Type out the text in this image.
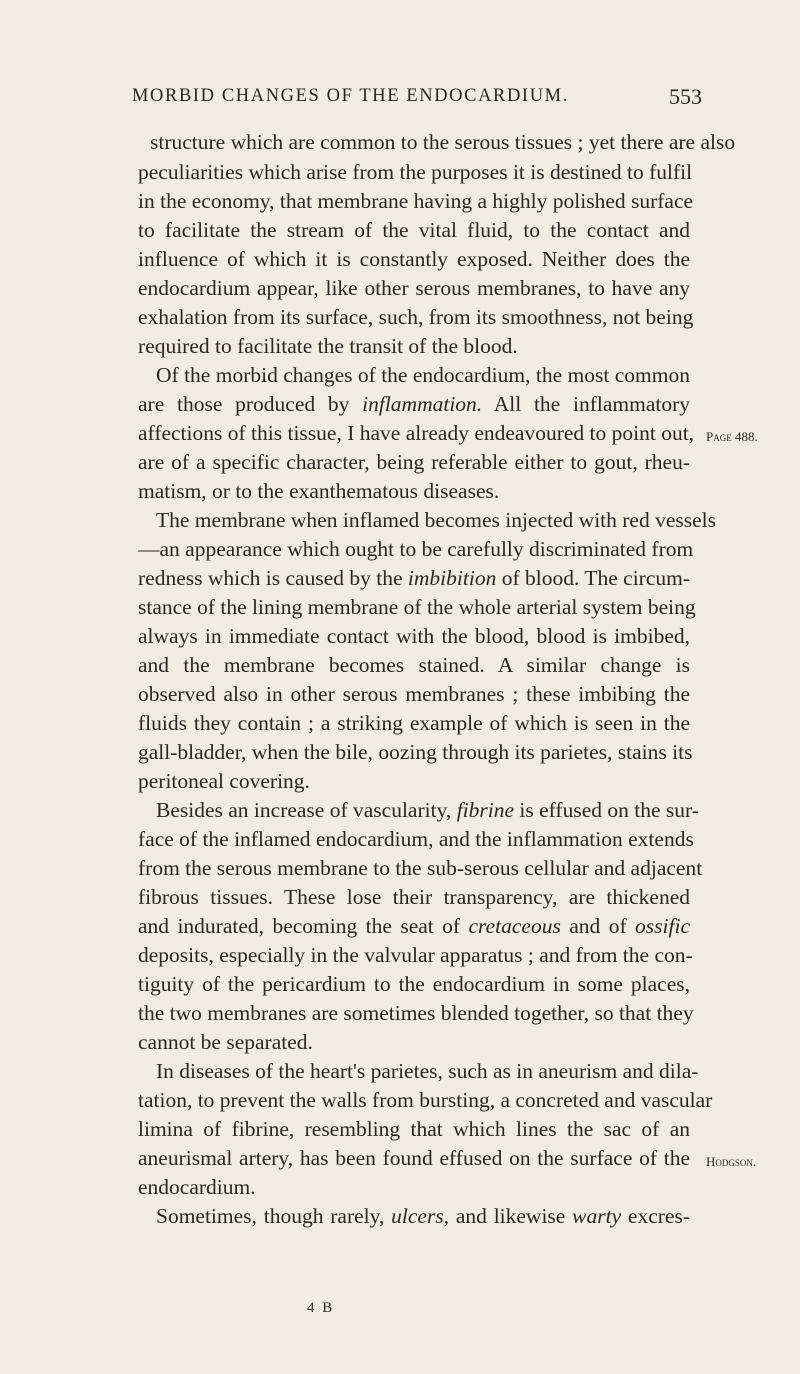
MORBID CHANGES OF THE ENDOCARDIUM.	553
structure which are common to the serous tissues ; yet there are also
peculiarities which arise from the purposes it is destined to fulfil
in the economy, that membrane having a highly polished surface
to facilitate the stream of the vital fluid, to the contact and
influence of which it is constantly exposed. Neither does the
endocardium appear, like other serous membranes, to have any
exhalation from its surface, such, from its smoothness, not being
required to facilitate the transit of the blood.
Of the morbid changes of the endocardium, the most common
are those produced by inflammation. All the inflammatory
affections of this tissue, I have already endeavoured to point out,
are of a specific character, being referable either to gout, rheu-
matism, or to the exanthematous diseases.
The membrane when inflamed becomes injected with red vessels
—an appearance which ought to be carefully discriminated from
redness which is caused by the imbibition of blood. The circum-
stance of the lining membrane of the whole arterial system being
always in immediate contact with the blood, blood is imbibed,
and the membrane becomes stained. A similar change is
observed also in other serous membranes ; these imbibing the
fluids they contain ; a striking example of which is seen in the
gall-bladder, when the bile, oozing through its parietes, stains its
peritoneal covering.
Besides an increase of vascularity, fibrine is effused on the sur-
face of the inflamed endocardium, and the inflammation extends
from the serous membrane to the sub-serous cellular and adjacent
fibrous tissues. These lose their transparency, are thickened
and indurated, becoming the seat of cretaceous and of ossific
deposits, especially in the valvular apparatus ; and from the con-
tiguity of the pericardium to the endocardium in some places,
the two membranes are sometimes blended together, so that they
cannot be separated.
In diseases of the heart's parietes, such as in aneurism and dila-
tation, to prevent the walls from bursting, a concreted and vascular
limina of fibrine, resembling that which lines the sac of an
aneurismal artery, has been found effused on the surface of the
endocardium.
Sometimes, though rarely, ulcers, and likewise warty excres-
Page 488.
Hodgson.
4 B
